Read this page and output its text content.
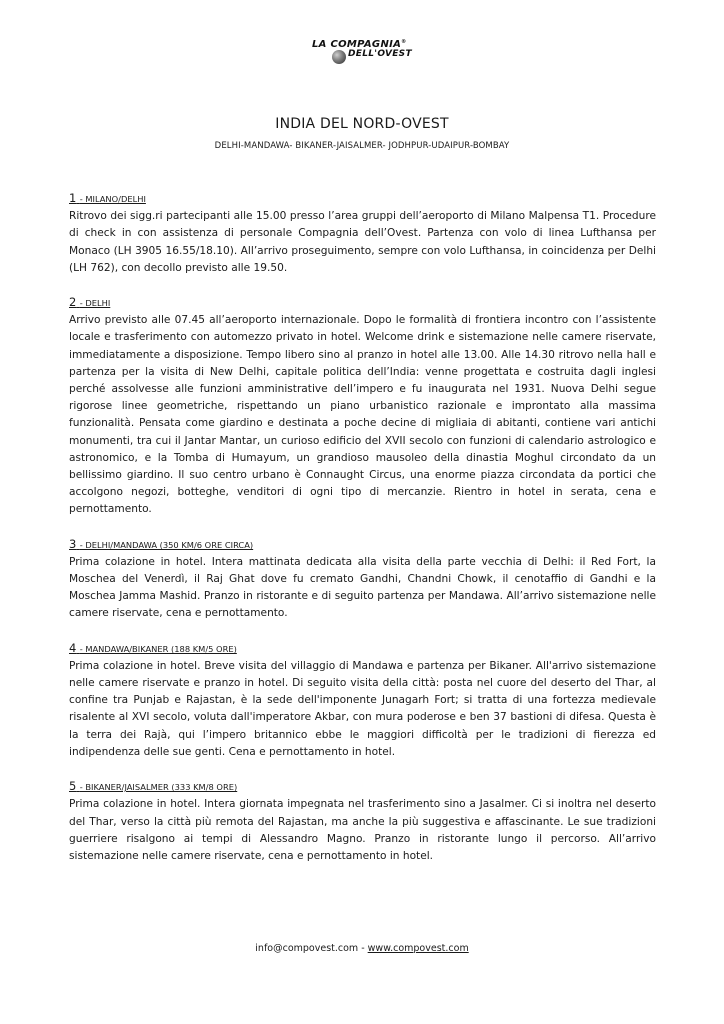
LA COMPAGNIA®
DELL'OVEST
INDIA DEL NORD-OVEST
DELHI-MANDAWA- BIKANER-JAISALMER- JODHPUR-UDAIPUR-BOMBAY
1 - MILANO/DELHI

Ritrovo dei sigg.ri partecipanti alle 15.00 presso l’area gruppi dell’aeroporto di Milano Malpensa T1. Procedure di check in con assistenza di personale Compagnia dell’Ovest. Partenza con volo di linea Lufthansa per Monaco (LH 3905 16.55/18.10). All’arrivo proseguimento, sempre con volo Lufthansa, in coincidenza per Delhi (LH 762), con decollo previsto alle 19.50.

2 - DELHI

Arrivo previsto alle 07.45 all’aeroporto internazionale. Dopo le formalità di frontiera incontro con l’assistente locale e trasferimento con automezzo privato in hotel. Welcome drink e sistemazione nelle camere riservate, immediatamente a disposizione. Tempo libero sino al pranzo in hotel alle 13.00. Alle 14.30 ritrovo nella hall e partenza per la visita di New Delhi, capitale politica dell’India: venne progettata e costruita dagli inglesi perché assolvesse alle funzioni amministrative dell’impero e fu inaugurata nel 1931. Nuova Delhi segue rigorose linee geometriche, rispettando un piano urbanistico razionale e improntato alla massima funzionalità. Pensata come giardino e destinata a poche decine di migliaia di abitanti, contiene vari antichi monumenti, tra cui il Jantar Mantar, un curioso edificio del XVII secolo con funzioni di calendario astrologico e astronomico, e la Tomba di Humayum, un grandioso mausoleo della dinastia Moghul circondato da un bellissimo giardino. Il suo centro urbano è Connaught Circus, una enorme piazza circondata da portici che accolgono negozi, botteghe, venditori di ogni tipo di mercanzie. Rientro in hotel in serata, cena e pernottamento.

3 - DELHI/MANDAWA (350 KM/6 ORE CIRCA)

Prima colazione in hotel. Intera mattinata dedicata alla visita della parte vecchia di Delhi: il Red Fort, la Moschea del Venerdì, il Raj Ghat dove fu cremato Gandhi, Chandni Chowk, il cenotaffio di Gandhi e la Moschea Jamma Mashid. Pranzo in ristorante e di seguito partenza per Mandawa. All’arrivo sistemazione nelle camere riservate, cena e pernottamento.

4 - MANDAWA/BIKANER (188 KM/5 ORE)

Prima colazione in hotel. Breve visita del villaggio di Mandawa e partenza per Bikaner. All'arrivo sistemazione nelle camere riservate e pranzo in hotel. Di seguito visita della città: posta nel cuore del deserto del Thar, al confine tra Punjab e Rajastan, è la sede dell'imponente Junagarh Fort; si tratta di una fortezza medievale risalente al XVI secolo, voluta dall'imperatore Akbar, con mura poderose e ben 37 bastioni di difesa. Questa è la terra dei Rajà, qui l’impero britannico ebbe le maggiori difficoltà per le tradizioni di fierezza ed indipendenza delle sue genti. Cena e pernottamento in hotel.

5 - BIKANER/JAISALMER (333 KM/8 ORE)

Prima colazione in hotel. Intera giornata impegnata nel trasferimento sino a Jasalmer. Ci si inoltra nel deserto del Thar, verso la città più remota del Rajastan, ma anche la più suggestiva e affascinante. Le sue tradizioni guerriere risalgono ai tempi di Alessandro Magno. Pranzo in ristorante lungo il percorso. All’arrivo sistemazione nelle camere riservate, cena e pernottamento in hotel.

info@compovest.com - www.compovest.com
